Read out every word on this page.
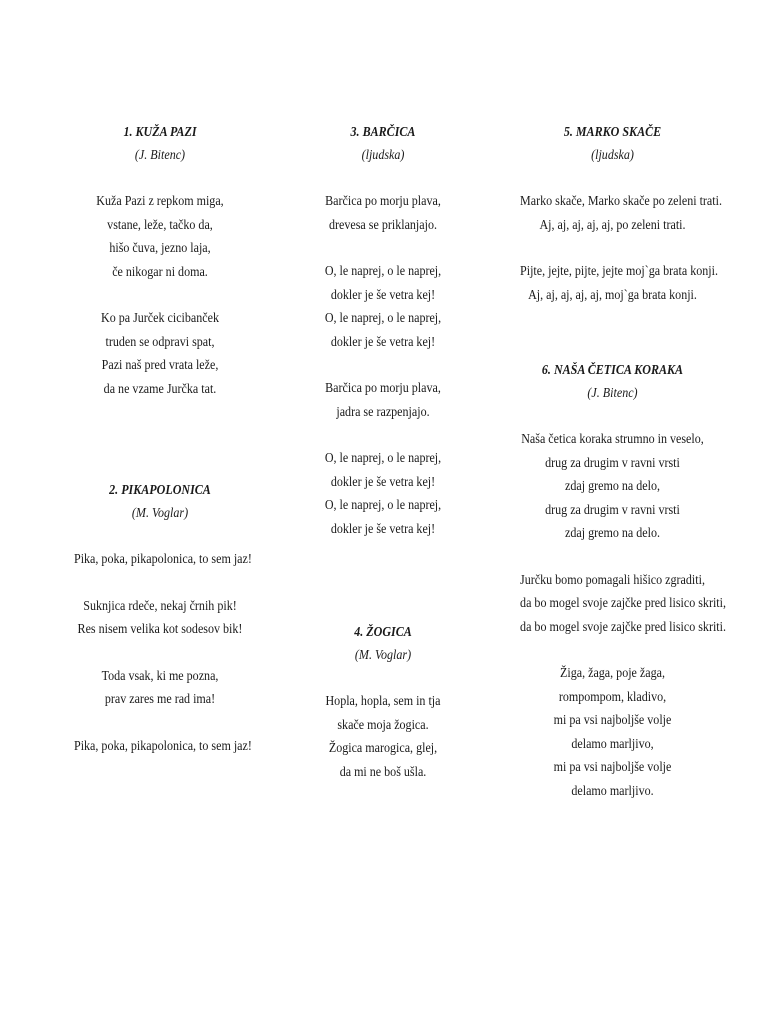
1. KUŽA PAZI
(J. Bitenc)
Kuža Pazi z repkom miga,
vstane, leže, tačko da,
hišo čuva, jezno laja,
če nikogar ni doma.
Ko pa Jurček cicibanček
truden se odpravi spat,
Pazi naš pred vrata leže,
da ne vzame Jurčka tat.
2. PIKAPOLONICA
(M. Voglar)
Pika, poka, pikapolonica, to sem jaz!
Suknjica rdeče, nekaj črnih pik!
Res nisem velika kot sodesov bik!
Toda vsak, ki me pozna,
prav zares me rad ima!
Pika, poka, pikapolonica, to sem jaz!
3. BARČICA
(ljudska)
Barčica po morju plava,
drevesa se priklanjajo.
O, le naprej, o le naprej,
dokler je še vetra kej!
O, le naprej, o le naprej,
dokler je še vetra kej!
Barčica po morju plava,
jadra se razpenjajo.
O, le naprej, o le naprej,
dokler je še vetra kej!
O, le naprej, o le naprej,
dokler je še vetra kej!
4. ŽOGICA
(M. Voglar)
Hopla, hopla, sem in tja
skače moja žogica.
Žogica marogica, glej,
da mi ne boš ušla.
5. MARKO SKAČE
(ljudska)
Marko skače, Marko skače po zeleni trati.
Aj, aj, aj, aj, aj, po zeleni trati.
Pijte, jejte, pijte, jejte moj`ga brata konji.
Aj, aj, aj, aj, aj, moj`ga brata konji.
6. NAŠA ČETICA KORAKA
(J. Bitenc)
Naša četica koraka strumno in veselo,
drug za drugim v ravni vrsti
zdaj gremo na delo,
drug za drugim v ravni vrsti
zdaj gremo na delo.
Jurčku bomo pomagali hišico zgraditi,
da bo mogel svoje zajčke pred lisico skriti,
da bo mogel svoje zajčke pred lisico skriti.
Žiga, žaga, poje žaga,
rompompom, kladivo,
mi pa vsi najboljše volje
delamo marljivo,
mi pa vsi najboljše volje
delamo marljivo.
